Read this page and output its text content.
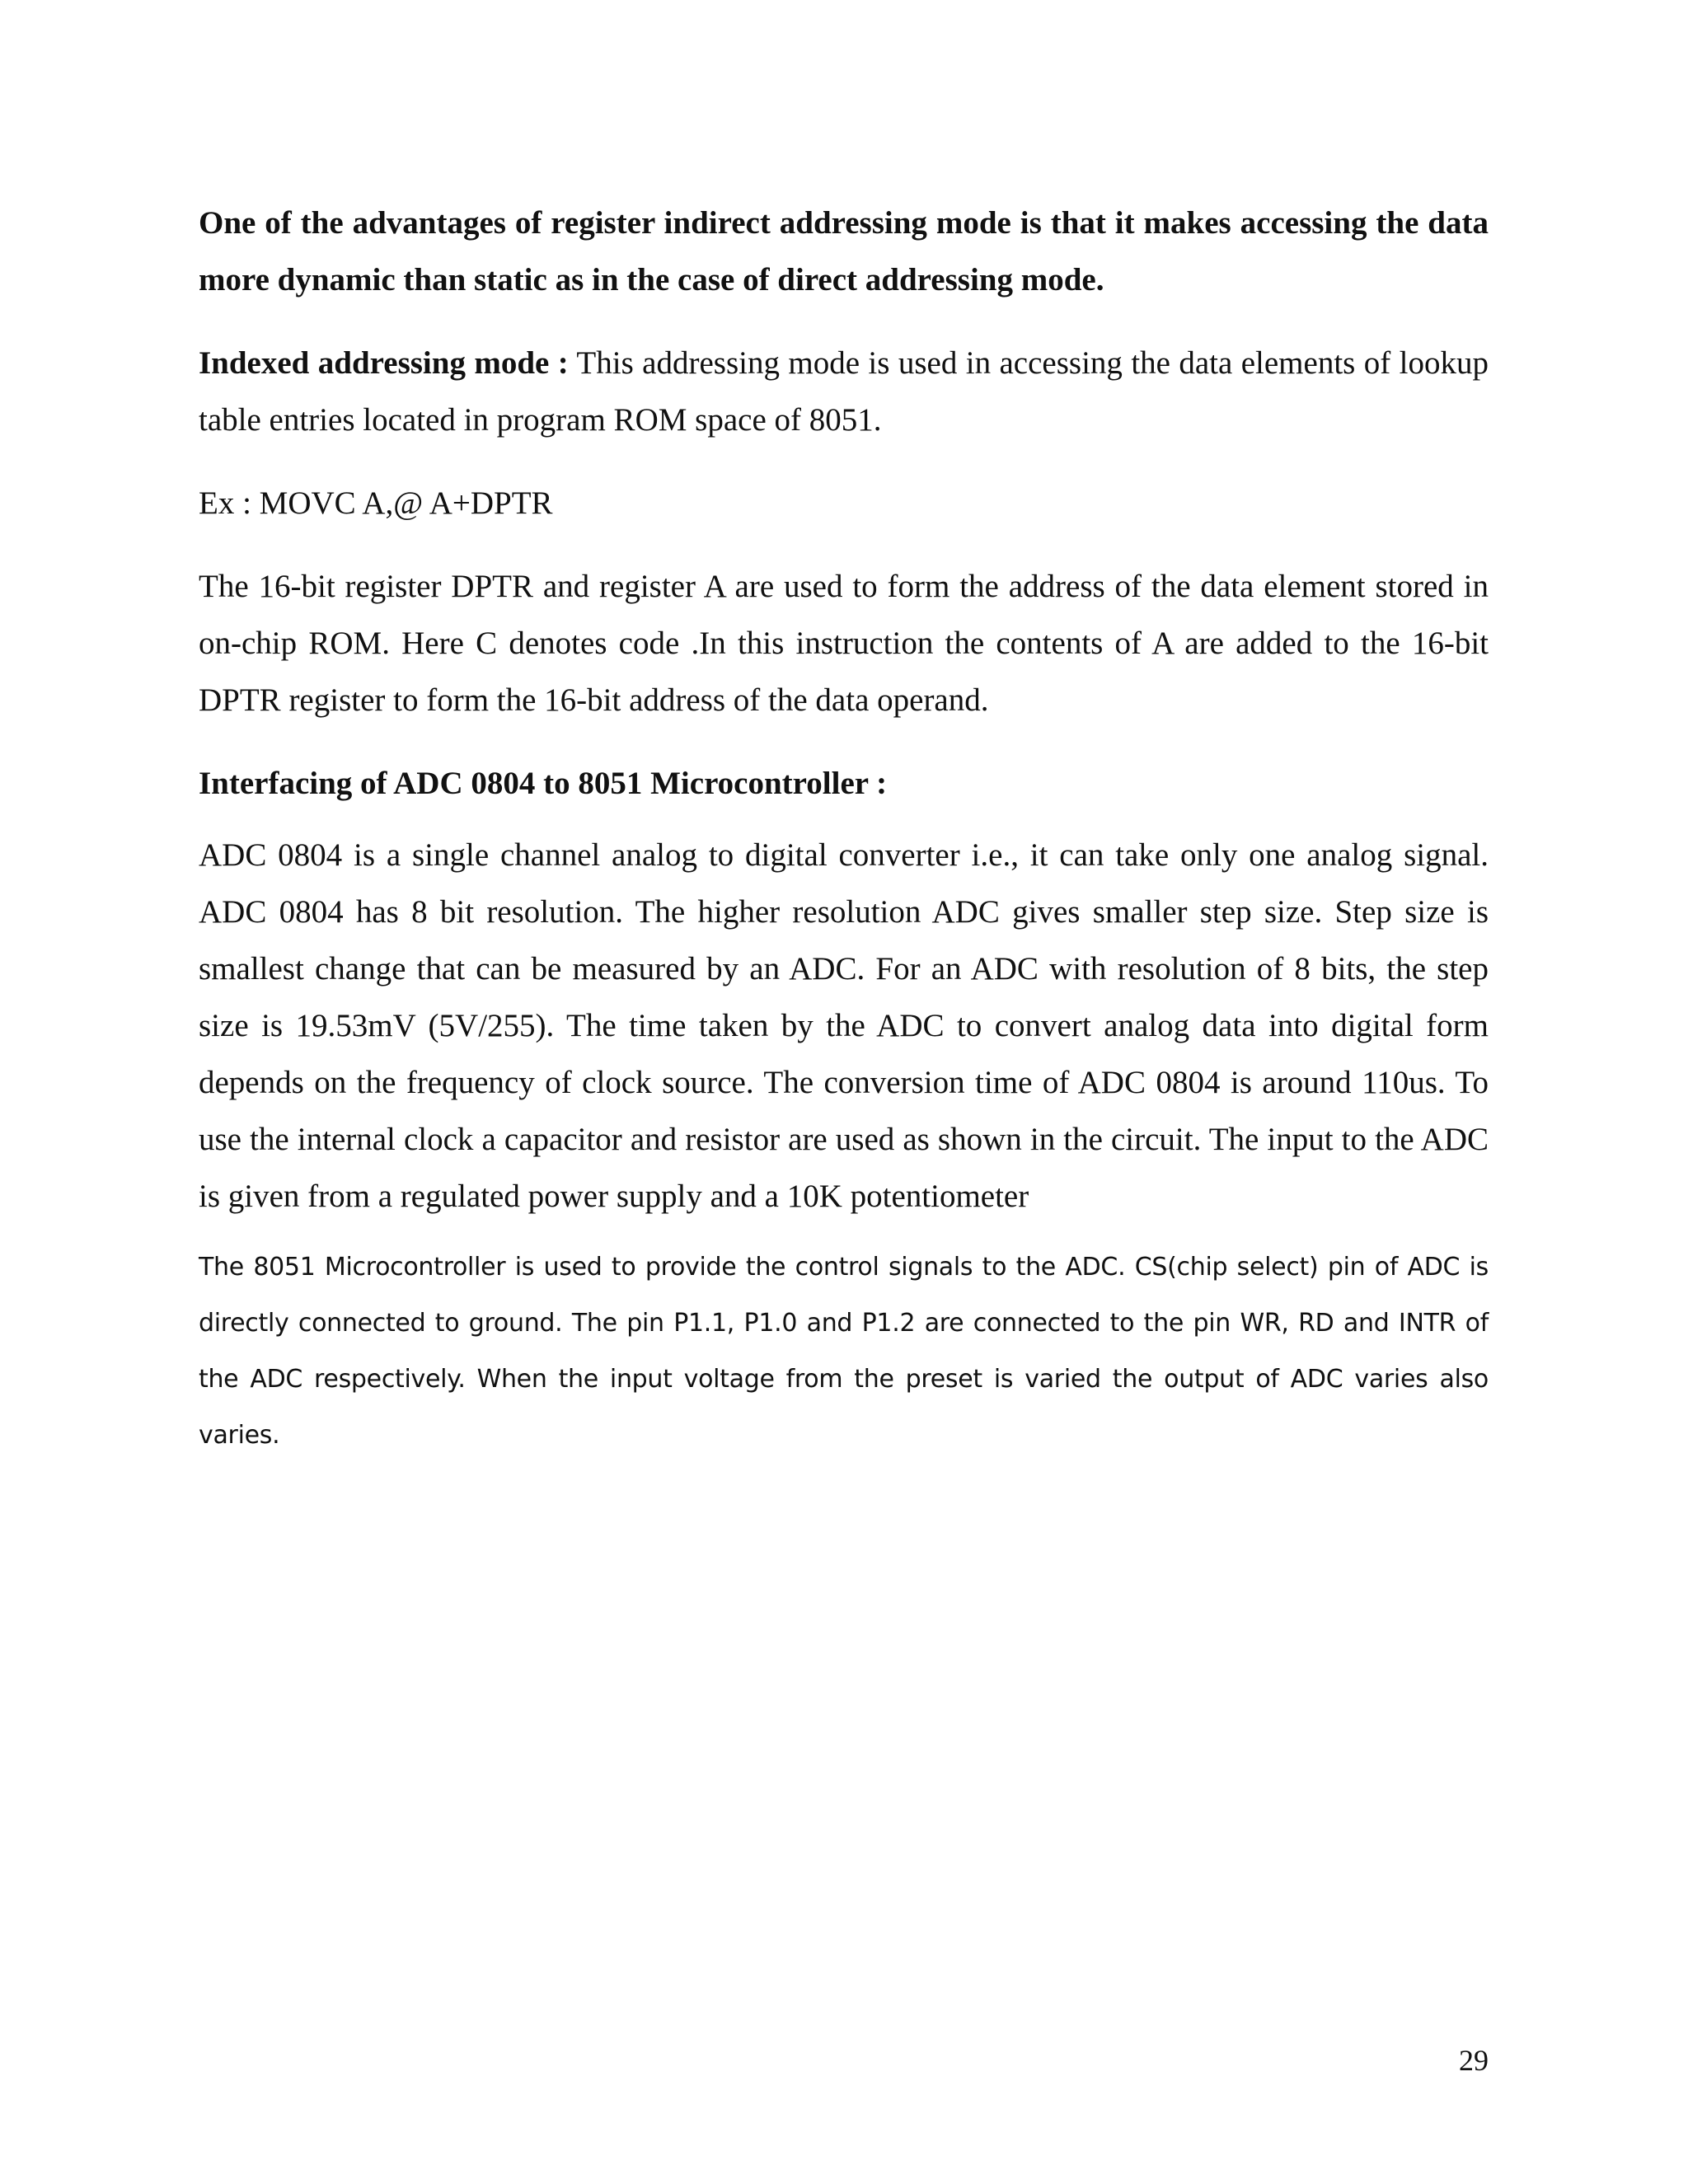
One of the advantages of register indirect addressing mode is that it makes accessing the data more dynamic than static as in the case of direct addressing mode.

Indexed addressing mode : This addressing mode is used in accessing the data elements of lookup table entries located in program ROM space of 8051.

Ex : MOVC A,@ A+DPTR

The 16-bit register DPTR and register A are used to form the address of the data element stored in on-chip ROM. Here C denotes code .In this instruction the contents of A are added to the 16-bit DPTR register to form the 16-bit address of the data operand.

Interfacing of ADC 0804 to 8051 Microcontroller :

ADC 0804 is a single channel analog to digital converter i.e., it can take only one analog signal. ADC 0804 has 8 bit resolution. The higher resolution ADC gives smaller step size. Step size is smallest change that can be measured by an ADC. For an ADC with resolution of 8 bits, the step size is 19.53mV (5V/255). The time taken by the ADC to convert analog data into digital form depends on the frequency of clock source. The conversion time of ADC 0804 is around 110us. To use the internal clock a capacitor and resistor are used as shown in the circuit. The input to the ADC is given from a regulated power supply and a 10K potentiometer

The 8051 Microcontroller is used to provide the control signals to the ADC. CS(chip select) pin of ADC is directly connected to ground. The pin P1.1, P1.0 and P1.2 are connected to the pin WR, RD and INTR of the ADC respectively. When the input voltage from the preset is varied the output of ADC varies also varies.

29
